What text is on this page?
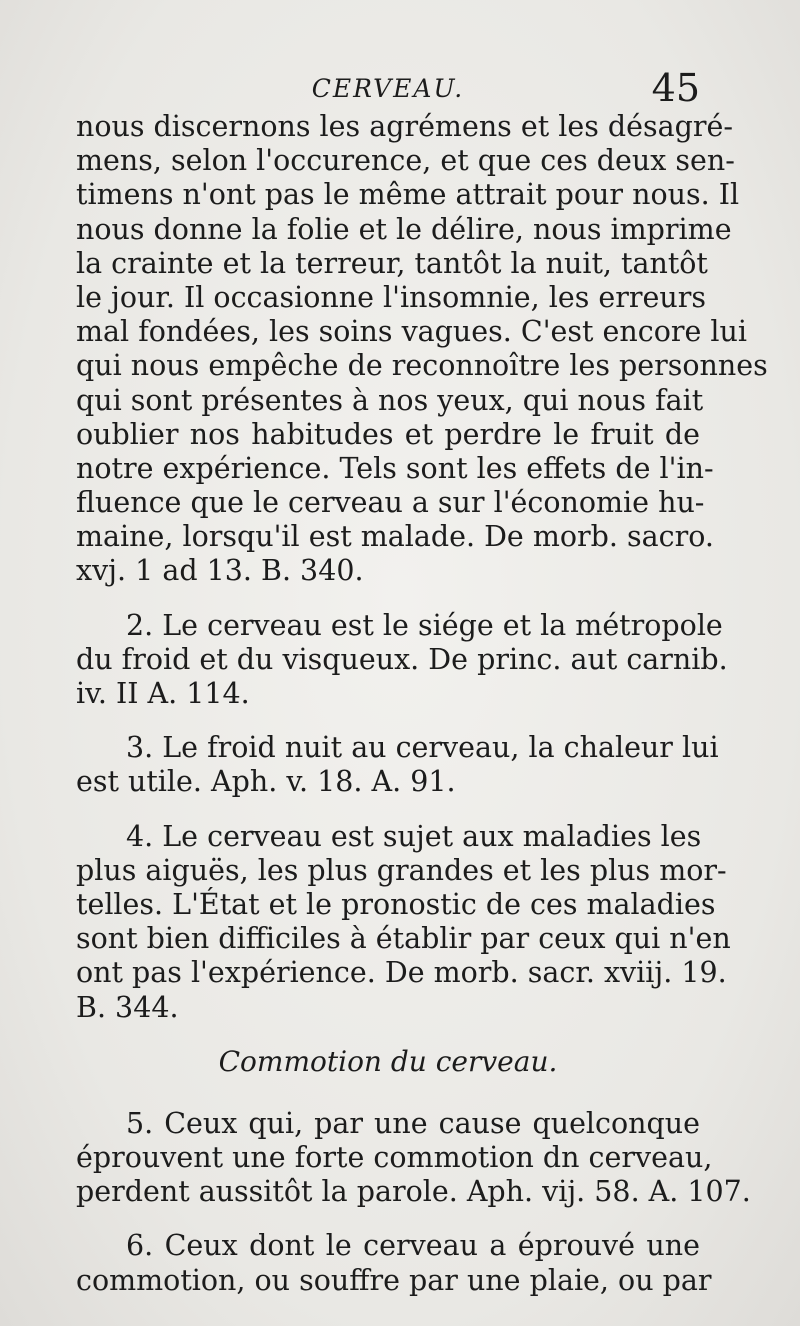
CERVEAU.	45
nous discernons les agrémens et les désagré-
mens, selon l'occurence, et que ces deux sen-
timens n'ont pas le même attrait pour nous. Il
nous donne la folie et le délire, nous imprime
la crainte et la terreur, tantôt la nuit, tantôt
le jour. Il occasionne l'insomnie, les erreurs
mal fondées, les soins vagues. C'est encore lui
qui nous empêche de reconnoître les personnes
qui sont présentes à nos yeux, qui nous fait
oublier nos habitudes et perdre le fruit de
notre expérience. Tels sont les effets de l'in-
fluence que le cerveau a sur l'économie hu-
maine, lorsqu'il est malade. De morb. sacro.
xvj. 1 ad 13. B. 340.
2. Le cerveau est le siége et la métropole
du froid et du visqueux. De princ. aut carnib.
iv. II A. 114.
3. Le froid nuit au cerveau, la chaleur lui
est utile. Aph. v. 18. A. 91.
4. Le cerveau est sujet aux maladies les
plus aiguës, les plus grandes et les plus mor-
telles. L'État et le pronostic de ces maladies
sont bien difficiles à établir par ceux qui n'en
ont pas l'expérience. De morb. sacr. xviij. 19.
B. 344.
Commotion du cerveau.
5. Ceux qui, par une cause quelconque
éprouvent une forte commotion dn cerveau,
perdent aussitôt la parole. Aph. vij. 58. A. 107.
6. Ceux dont le cerveau a éprouvé une
commotion, ou souffre par une plaie, ou par
